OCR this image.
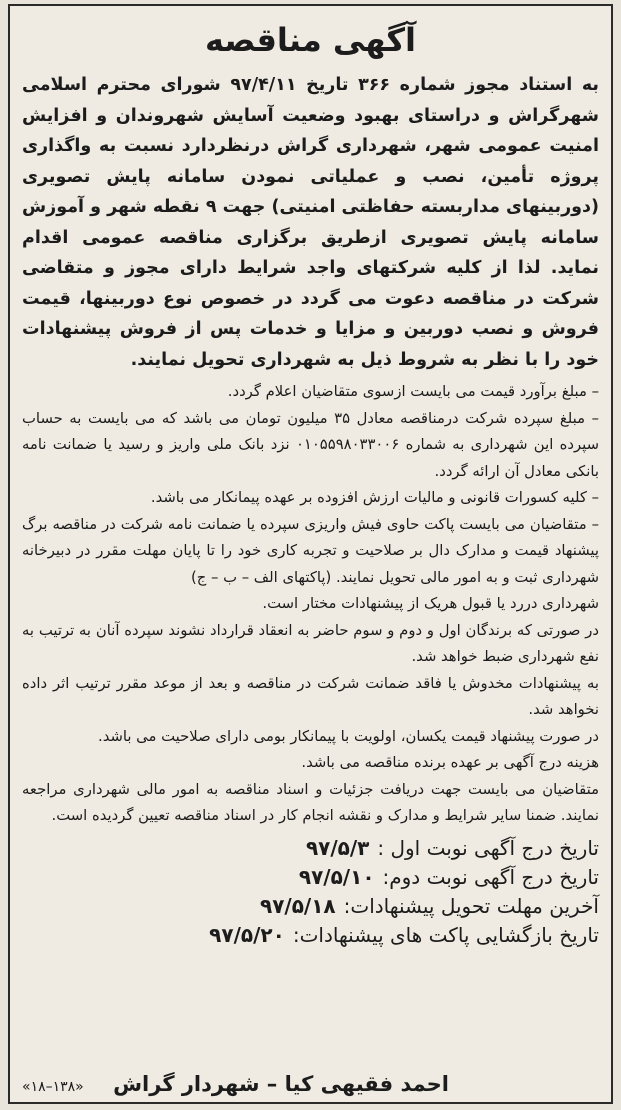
آگهی مناقصه

به استناد مجوز شماره ۳۶۶ تاریخ ۹۷/۴/۱۱ شورای محترم اسلامی شهرگراش و دراستای بهبود وضعیت آسایش شهروندان و افزایش امنیت عمومی شهر، شهرداری گراش درنظردارد نسبت به واگذاری پروژه تأمین، نصب و عملیاتی نمودن سامانه پایش تصویری (دوربینهای مداربسته حفاظتی امنیتی) جهت ۹ نقطه شهر و آموزش سامانه پایش تصویری ازطریق برگزاری مناقصه عمومی اقدام نماید. لذا از کلیه شرکتهای واجد شرایط دارای مجوز و متقاضی شرکت در مناقصه دعوت می گردد در خصوص نوع دوربینها، قیمت فروش و نصب دوربین و مزایا و خدمات پس از فروش پیشنهادات خود را با نظر به شروط ذیل به شهرداری تحویل نمایند.

– مبلغ برآورد قیمت می بایست ازسوی متقاضیان اعلام گردد.

– مبلغ سپرده شرکت درمناقصه معادل ۳۵ میلیون تومان می باشد که می بایست به حساب سپرده این شهرداری به شماره ۰۱۰۵۵۹۸۰۳۳۰۰۶ نزد بانک ملی واریز و رسید یا ضمانت نامه بانکی معادل آن ارائه گردد.

– کلیه کسورات قانونی و مالیات ارزش افزوده بر عهده پیمانکار می باشد.

– متقاضیان می بایست پاکت حاوی فیش واریزی سپرده یا ضمانت نامه شرکت در مناقصه برگ پیشنهاد قیمت و مدارک دال بر صلاحیت و تجربه کاری خود را تا پایان مهلت مقرر در دبیرخانه شهرداری ثبت و به امور مالی تحویل نمایند. (پاکتهای الف – ب – ج)

شهرداری دررد یا قبول هریک از پیشنهادات مختار است.

در صورتی که برندگان اول و دوم و سوم حاضر به انعقاد قرارداد نشوند سپرده آنان به ترتیب به نفع شهرداری ضبط خواهد شد.

به پیشنهادات مخدوش یا فاقد ضمانت شرکت در مناقصه و بعد از موعد مقرر ترتیب اثر داده نخواهد شد.

در صورت پیشنهاد قیمت یکسان، اولویت با پیمانکار بومی دارای صلاحیت می باشد.

هزینه درج آگهی بر عهده برنده مناقصه می باشد.

متقاضیان می بایست جهت دریافت جزئیات و اسناد مناقصه به امور مالی شهرداری مراجعه نمایند. ضمنا سایر شرایط و مدارک و نقشه انجام کار در اسناد مناقصه تعیین گردیده است.

تاریخ درج آگهی نوبت اول :
۹۷/۵/۳
تاریخ درج آگهی نوبت دوم:
۹۷/۵/۱۰
آخرین مهلت تحویل پیشنهادات:
۹۷/۵/۱۸
تاریخ بازگشایی پاکت های پیشنهادات:
۹۷/۵/۲۰
احمد فقیهی کیا – شهردار گراش
«۱۸–۱۳۸»
